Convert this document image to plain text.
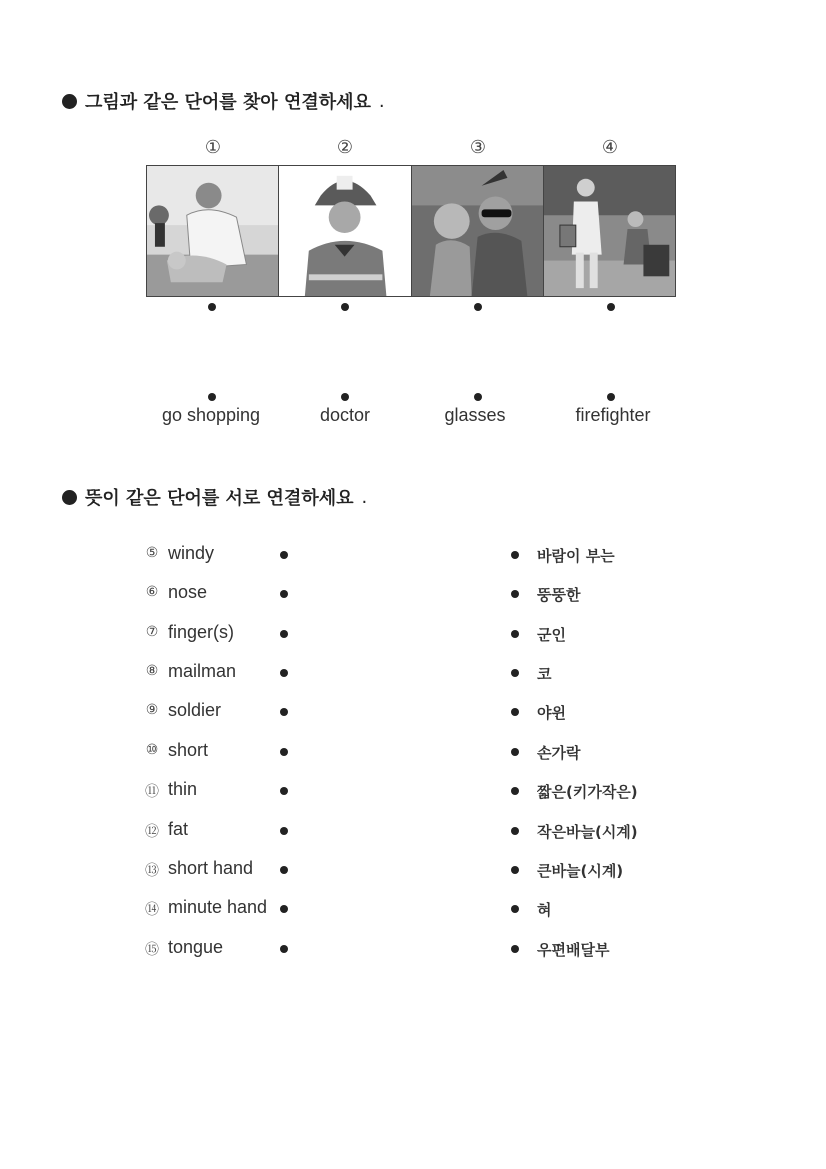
그림과 같은 단어를 찾아 연결하세요 .
①	②	③	④
go shopping	doctor	glasses	firefighter
뜻이 같은 단어를 서로 연결하세요 .
⑤ windy	바람이 부는
⑥ nose	뚱뚱한
⑦ finger(s)	군인
⑧ mailman	코
⑨ soldier	야윈
⑩ short	손가락
⑪ thin	짧은(키가작은)
⑫ fat	작은바늘(시계)
⑬ short hand	큰바늘(시계)
⑭ minute hand	혀
⑮ tongue	우편배달부
